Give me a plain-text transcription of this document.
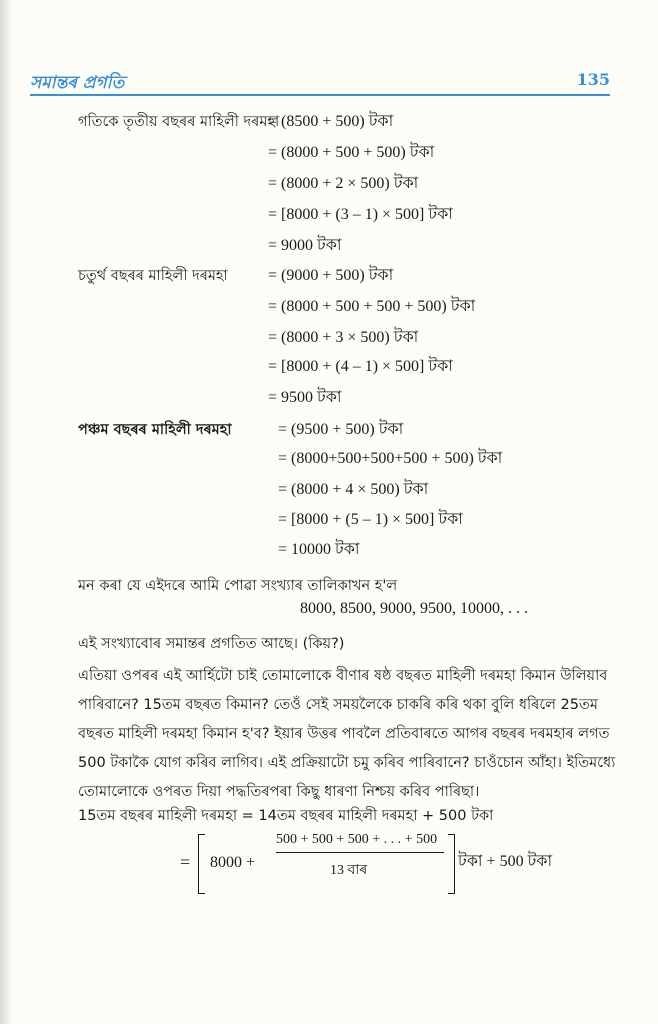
সমান্তৰ প্ৰগতি	135
গতিকে তৃতীয় বছৰৰ মাহিলী দৰমহা
= (8500 + 500) টকা
= (8000 + 500 + 500) টকা
= (8000 + 2 × 500) টকা
= [8000 + (3 – 1) × 500] টকা
= 9000 টকা
চতুৰ্থ বছৰৰ মাহিলী দৰমহা	= (9000 + 500) টকা
= (8000 + 500 + 500 + 500) টকা
= (8000 + 3 × 500) টকা
= [8000 + (4 – 1) × 500] টকা
= 9500 টকা
পঞ্চম বছৰৰ মাহিলী দৰমহা	= (9500 + 500) টকা
= (8000+500+500+500 + 500) টকা
= (8000 + 4 × 500) টকা
= [8000 + (5 – 1) × 500] টকা
= 10000 টকা
মন কৰা যে এইদৰে আমি পোৱা সংখ্যাৰ তালিকাখন হ'ল
8000, 8500, 9000, 9500, 10000, . . .
এই সংখ্যাবোৰ সমান্তৰ প্ৰগতিত আছে। (কিয়?)
এতিয়া ওপৰৰ এই আৰ্হিটো চাই তোমালোকে বীণাৰ ষষ্ঠ বছৰত মাহিলী দৰমহা কিমান উলিয়াব
পাৰিবানে? 15তম বছৰত কিমান? তেওঁ সেই সময়লৈকে চাকৰি কৰি থকা বুলি ধৰিলে 25তম
বছৰত মাহিলী দৰমহা কিমান হ'ব? ইয়াৰ উত্তৰ পাবলৈ প্ৰতিবাৰতে আগৰ বছৰৰ দৰমহাৰ লগত
500 টকাকৈ যোগ কৰিব লাগিব। এই প্ৰক্ৰিয়াটো চমু কৰিব পাৰিবানে? চাওঁচোন আঁহা। ইতিমধ্যে
তোমালোকে ওপৰত দিয়া পদ্ধতিৰপৰা কিছু ধাৰণা নিশ্চয় কৰিব পাৰিছা।
15তম বছৰৰ মাহিলী দৰমহা = 14তম বছৰৰ মাহিলী দৰমহা + 500 টকা
= 8000 +
500 + 500 + 500 + . . . + 500
13 বাৰ
টকা + 500 টকা
